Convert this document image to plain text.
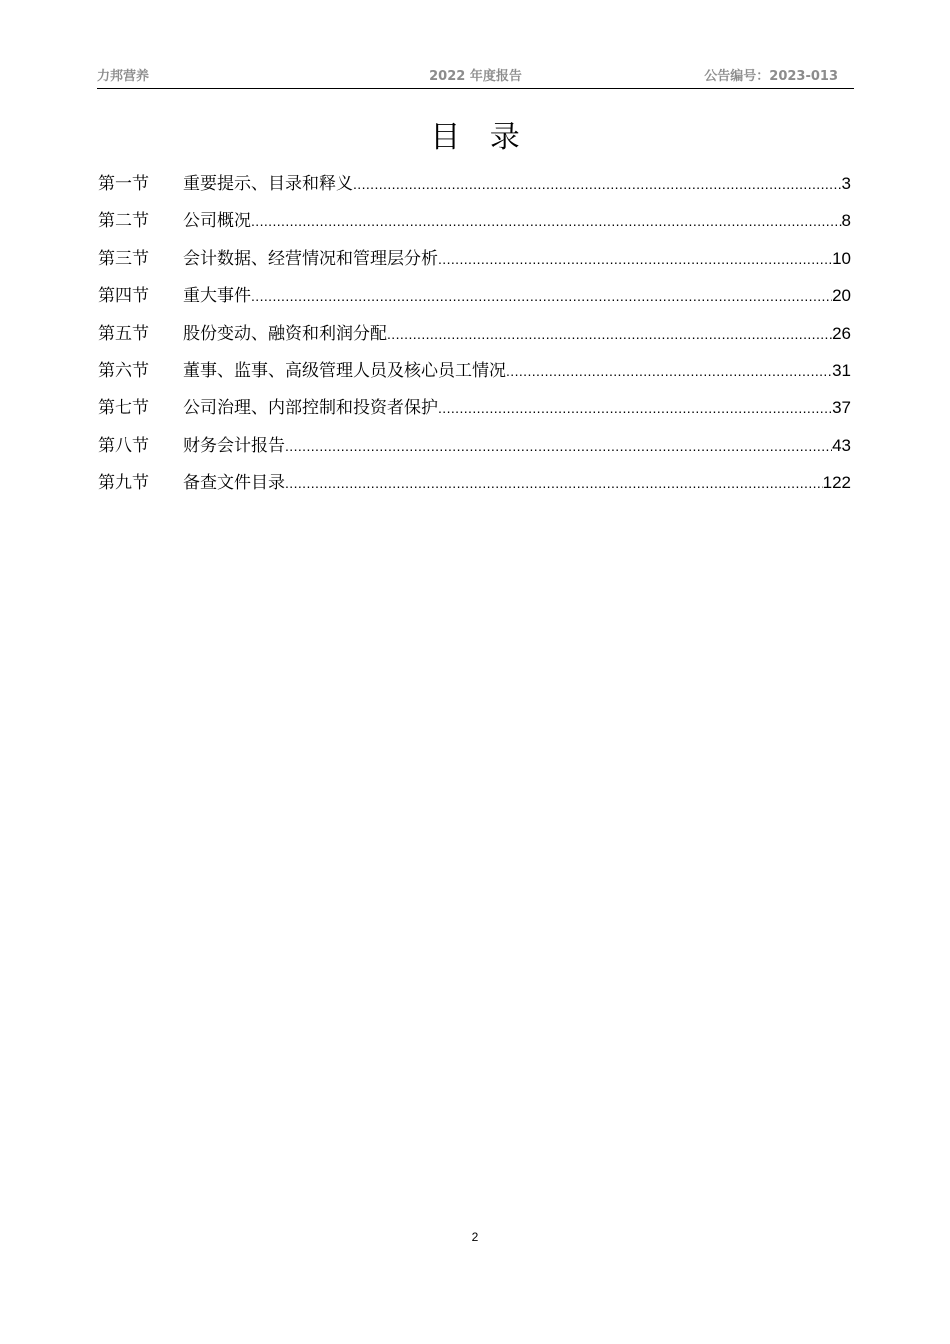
力邦营养	2022 年度报告	公告编号：2023-013
目 录
第一节	重要提示、目录和释义 .....	3
第二节	公司概况 .....	8
第三节	会计数据、经营情况和管理层分析 .....	10
第四节	重大事件 .....	20
第五节	股份变动、融资和利润分配 .....	26
第六节	董事、监事、高级管理人员及核心员工情况 .....	31
第七节	公司治理、内部控制和投资者保护 .....	37
第八节	财务会计报告 .....	43
第九节	备查文件目录 .....	122
2
